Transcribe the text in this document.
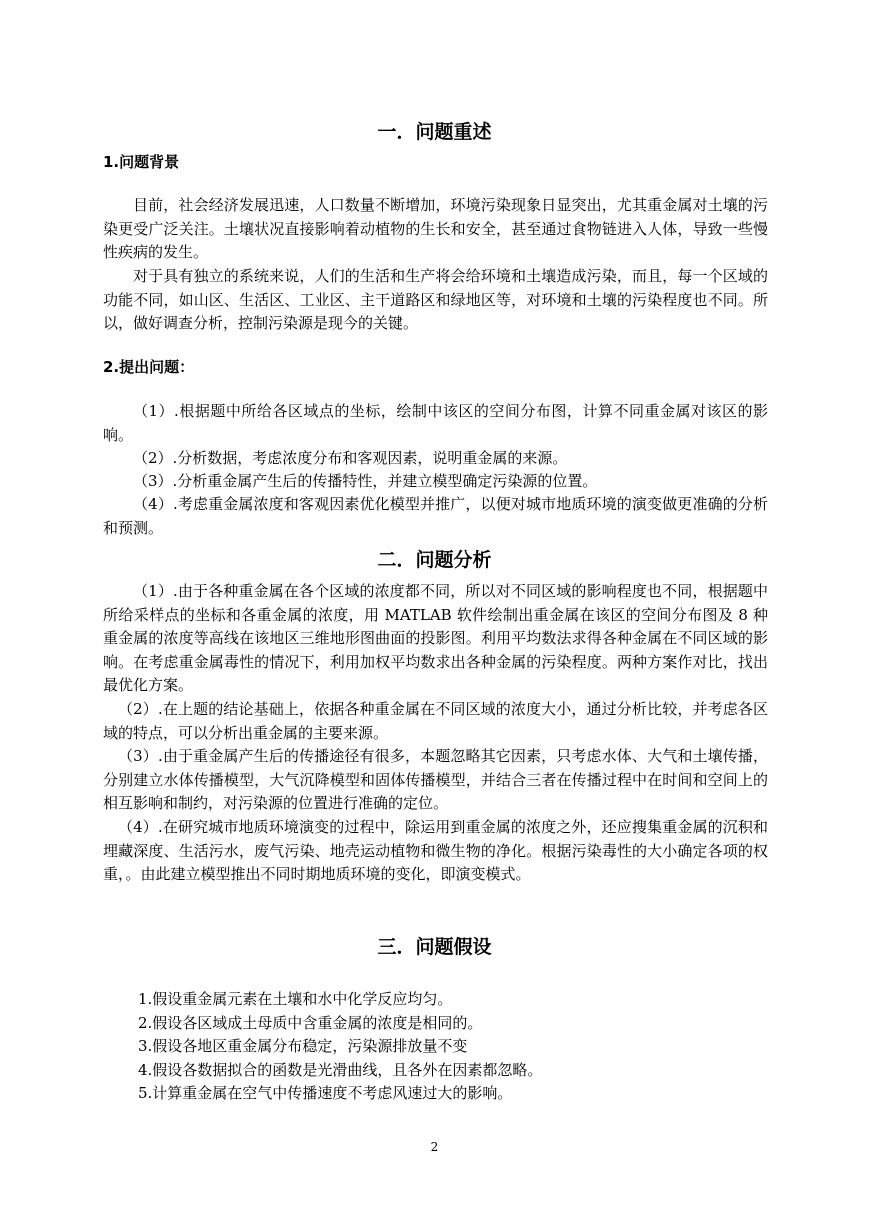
一．问题重述
1.问题背景

目前，社会经济发展迅速，人口数量不断增加，环境污染现象日显突出，尤其重金属对土壤的污染更受广泛关注。土壤状况直接影响着动植物的生长和安全，甚至通过食物链进入人体，导致一些慢性疾病的发生。

对于具有独立的系统来说，人们的生活和生产将会给环境和土壤造成污染，而且，每一个区域的功能不同，如山区、生活区、工业区、主干道路区和绿地区等，对环境和土壤的污染程度也不同。所以，做好调查分析，控制污染源是现今的关键。

2.提出问题：

（1）.根据题中所给各区域点的坐标，绘制中该区的空间分布图，计算不同重金属对该区的影响。

（2）.分析数据，考虑浓度分布和客观因素，说明重金属的来源。

（3）.分析重金属产生后的传播特性，并建立模型确定污染源的位置。

（4）.考虑重金属浓度和客观因素优化模型并推广，以便对城市地质环境的演变做更准确的分析和预测。

二．问题分析

（1）.由于各种重金属在各个区域的浓度都不同，所以对不同区域的影响程度也不同，根据题中所给采样点的坐标和各重金属的浓度，用 MATLAB 软件绘制出重金属在该区的空间分布图及 8 种重金属的浓度等高线在该地区三维地形图曲面的投影图。利用平均数法求得各种金属在不同区域的影响。在考虑重金属毒性的情况下，利用加权平均数求出各种金属的污染程度。两种方案作对比，找出最优化方案。

（2）.在上题的结论基础上，依据各种重金属在不同区域的浓度大小，通过分析比较，并考虑各区域的特点，可以分析出重金属的主要来源。

（3）.由于重金属产生后的传播途径有很多，本题忽略其它因素，只考虑水体、大气和土壤传播，分别建立水体传播模型，大气沉降模型和固体传播模型，并结合三者在传播过程中在时间和空间上的相互影响和制约，对污染源的位置进行准确的定位。

（4）.在研究城市地质环境演变的过程中，除运用到重金属的浓度之外，还应搜集重金属的沉积和埋藏深度、生活污水，废气污染、地壳运动植物和微生物的净化。根据污染毒性的大小确定各项的权重，。由此建立模型推出不同时期地质环境的变化，即演变模式。

三．问题假设
1.假设重金属元素在土壤和水中化学反应均匀。
2.假设各区域成土母质中含重金属的浓度是相同的。
3.假设各地区重金属分布稳定，污染源排放量不变
4.假设各数据拟合的函数是光滑曲线，且各外在因素都忽略。
5.计算重金属在空气中传播速度不考虑风速过大的影响。
2
